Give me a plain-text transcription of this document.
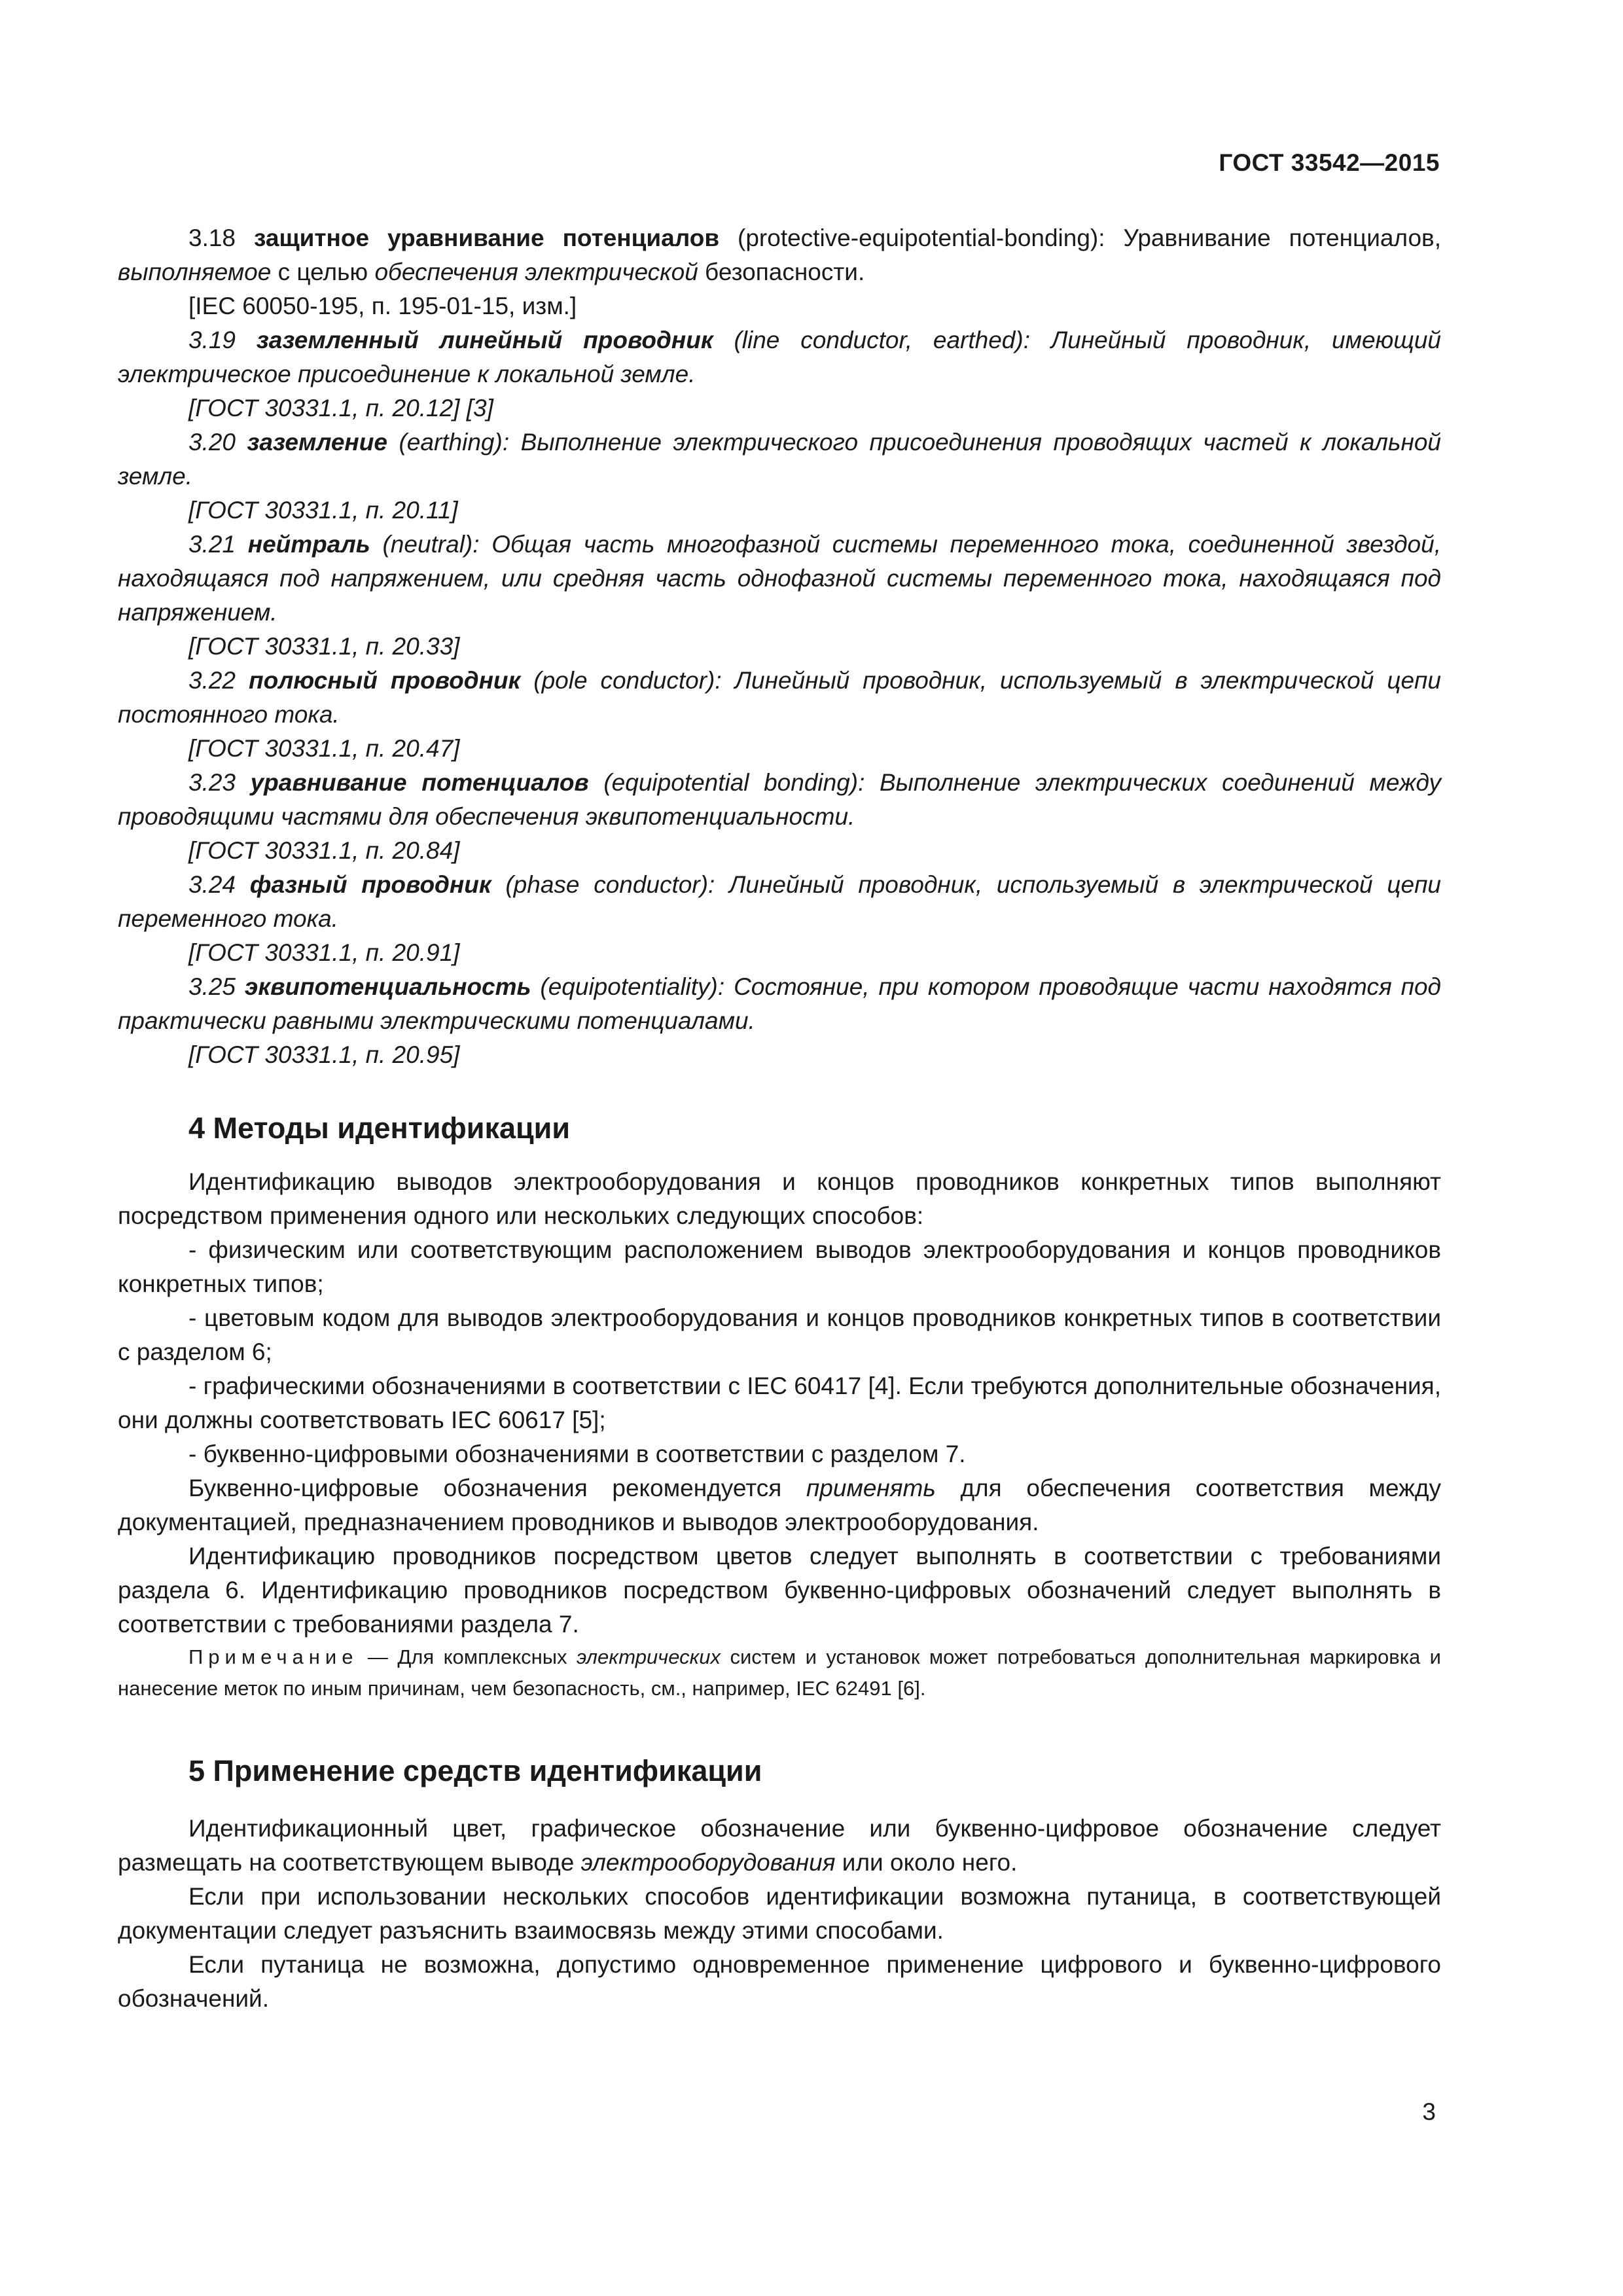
ГОСТ 33542—2015

3.18 защитное уравнивание потенциалов (protective-equipotential-bonding): Уравнивание потенциалов, выполняемое с целью обеспечения электрической безопасности.

[IEC 60050-195, п. 195-01-15, изм.]

3.19 заземленный линейный проводник (line conductor, earthed): Линейный проводник, имеющий электрическое присоединение к локальной земле.

[ГОСТ 30331.1, п. 20.12] [3]

3.20 заземление (earthing): Выполнение электрического присоединения проводящих частей к локальной земле.

[ГОСТ 30331.1, п. 20.11]

3.21 нейтраль (neutral): Общая часть многофазной системы переменного тока, соединенной звездой, находящаяся под напряжением, или средняя часть однофазной системы переменного тока, находящаяся под напряжением.

[ГОСТ 30331.1, п. 20.33]

3.22 полюсный проводник (pole conductor): Линейный проводник, используемый в электрической цепи постоянного тока.

[ГОСТ 30331.1, п. 20.47]

3.23 уравнивание потенциалов (equipotential bonding): Выполнение электрических соединений между проводящими частями для обеспечения эквипотенциальности.

[ГОСТ 30331.1, п. 20.84]

3.24 фазный проводник (phase conductor): Линейный проводник, используемый в электрической цепи переменного тока.

[ГОСТ 30331.1, п. 20.91]

3.25 эквипотенциальность (equipotentiality): Состояние, при котором проводящие части находятся под практически равными электрическими потенциалами.

[ГОСТ 30331.1, п. 20.95]

4 Методы идентификации

Идентификацию выводов электрооборудования и концов проводников конкретных типов выполняют посредством применения одного или нескольких следующих способов:

- физическим или соответствующим расположением выводов электрооборудования и концов проводников конкретных типов;

- цветовым кодом для выводов электрооборудования и концов проводников конкретных типов в соответствии с разделом 6;

- графическими обозначениями в соответствии с IEC 60417 [4]. Если требуются дополнительные обозначения, они должны соответствовать IEC 60617 [5];

- буквенно-цифровыми обозначениями в соответствии с разделом 7.

Буквенно-цифровые обозначения рекомендуется применять для обеспечения соответствия между документацией, предназначением проводников и выводов электрооборудования.

Идентификацию проводников посредством цветов следует выполнять в соответствии с требованиями раздела 6. Идентификацию проводников посредством буквенно-цифровых обозначений следует выполнять в соответствии с требованиями раздела 7.

Примечание — Для комплексных электрических систем и установок может потребоваться дополнительная маркировка и нанесение меток по иным причинам, чем безопасность, см., например, IEC 62491 [6].

5 Применение средств идентификации

Идентификационный цвет, графическое обозначение или буквенно-цифровое обозначение следует размещать на соответствующем выводе электрооборудования или около него.

Если при использовании нескольких способов идентификации возможна путаница, в соответствующей документации следует разъяснить взаимосвязь между этими способами.

Если путаница не возможна, допустимо одновременное применение цифрового и буквенно-цифрового обозначений.

3
